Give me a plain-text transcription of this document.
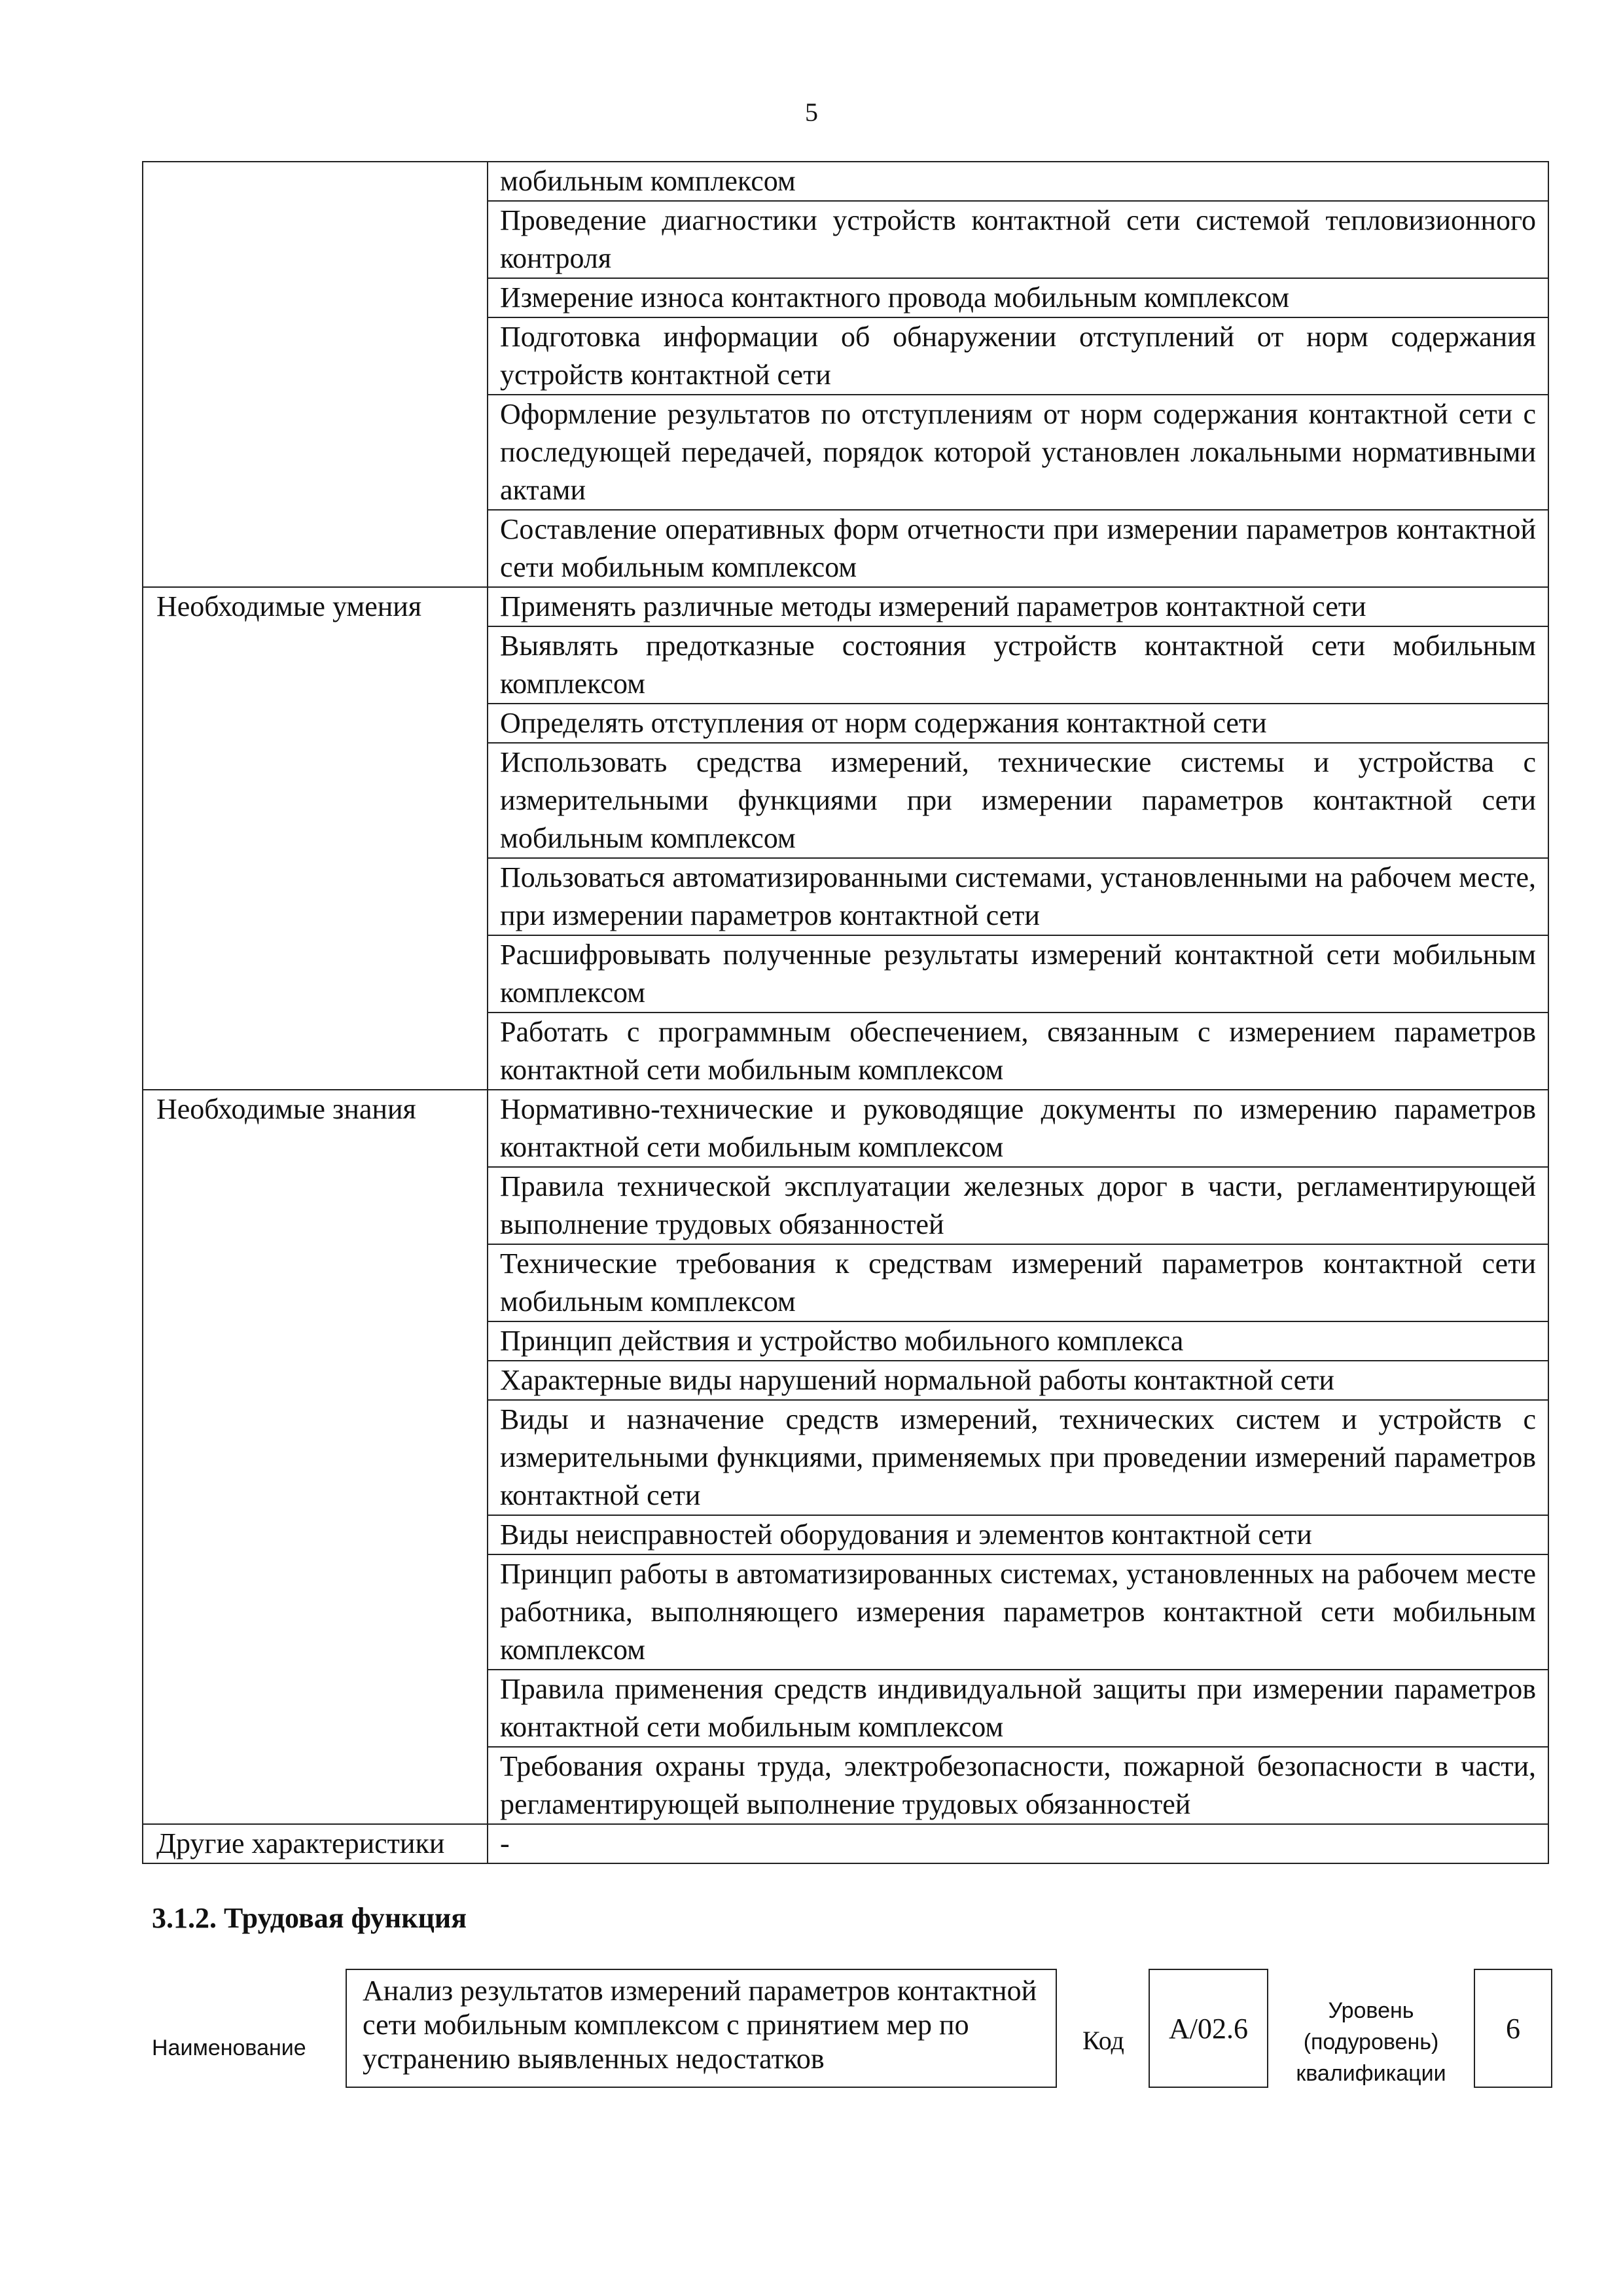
5
	мобильным комплексом
	Проведение диагностики устройств контактной сети системой тепловизионного контроля
	Измерение износа контактного провода мобильным комплексом
	Подготовка информации об обнаружении отступлений от норм содержания устройств контактной сети
	Оформление результатов по отступлениям от норм содержания контактной сети с последующей передачей, порядок которой установлен локальными нормативными актами
	Составление оперативных форм отчетности при измерении параметров контактной сети мобильным комплексом
Необходимые умения	Применять различные методы измерений параметров контактной сети
	Выявлять предотказные состояния устройств контактной сети мобильным комплексом
	Определять отступления от норм содержания контактной сети
	Использовать средства измерений, технические системы и устройства с измерительными функциями при измерении параметров контактной сети мобильным комплексом
	Пользоваться автоматизированными системами, установленными на рабочем месте, при измерении параметров контактной сети
	Расшифровывать полученные результаты измерений контактной сети мобильным комплексом
	Работать с программным обеспечением, связанным с измерением параметров контактной сети мобильным комплексом
Необходимые знания	Нормативно-технические и руководящие документы по измерению параметров контактной сети мобильным комплексом
	Правила технической эксплуатации железных дорог в части, регламентирующей выполнение трудовых обязанностей
	Технические требования к средствам измерений параметров контактной сети мобильным комплексом
	Принцип действия и устройство мобильного комплекса
	Характерные виды нарушений нормальной работы контактной сети
	Виды и назначение средств измерений, технических систем и устройств с измерительными функциями, применяемых при проведении измерений параметров контактной сети
	Виды неисправностей оборудования и элементов контактной сети
	Принцип работы в автоматизированных системах, установленных на рабочем месте работника, выполняющего измерения параметров контактной сети мобильным комплексом
	Правила применения средств индивидуальной защиты при измерении параметров контактной сети мобильным комплексом
	Требования охраны труда, электробезопасности, пожарной безопасности в части, регламентирующей выполнение трудовых обязанностей
Другие характеристики	-
3.1.2. Трудовая функция
Наименование
Анализ результатов измерений параметров контактной сети мобильным комплексом с принятием мер по устранению выявленных недостатков
Код	А/02.6
Уровень
(подуровень)
квалификации
6
